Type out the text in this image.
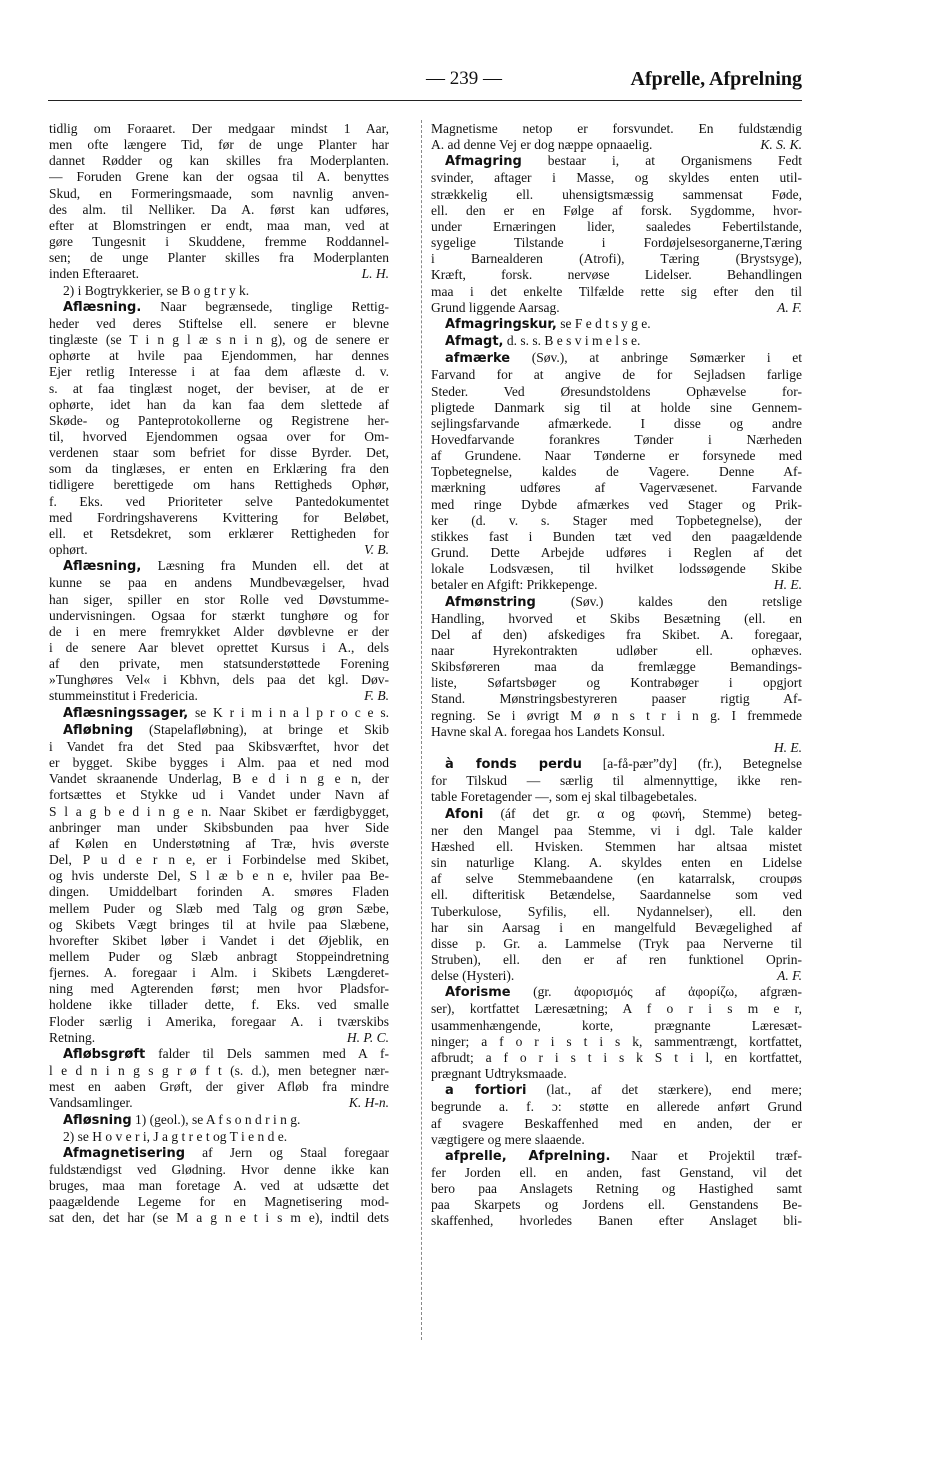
— 239 —	Afprelle, Afprelning
tidlig om Foraaret. Der medgaar mindst 1 Aar,
men ofte længere Tid, før de unge Planter har
dannet Rødder og kan skilles fra Moderplanten.
— Foruden Grene kan der ogsaa til A. benyttes
Skud, en Formeringsmaade, som navnlig anven-
des alm. til Nelliker. Da A. først kan udføres,
efter at Blomstringen er endt, maa man, ved at
gøre Tungesnit i Skuddene, fremme Roddannel-
sen; de unge Planter skilles fra Moderplanten
L. H.
inden Efteraaret.
2) i Bogtrykkerier, se B o g t r y k.
Aflæsning. Naar begrænsede, tinglige Rettig-
heder ved deres Stiftelse ell. senere er blevne
tinglæste (se T i n g l æ s n i n g), og de senere er
ophørte at hvile paa Ejendommen, har dennes
Ejer retlig Interesse i at faa dem aflæste d. v.
s. at faa tinglæst noget, der beviser, at de er
ophørte, idet han da kan faa dem slettede af
Skøde- og Panteprotokollerne og Registrene her-
til, hvorved Ejendommen ogsaa over for Om-
verdenen staar som befriet for disse Byrder. Det,
som da tinglæses, er enten en Erklæring fra den
tidligere berettigede om hans Rettigheds Ophør,
f. Eks. ved Prioriteter selve Pantedokumentet
med Fordringshaverens Kvittering for Beløbet,
ell. et Retsdekret, som erklærer Rettigheden for
V. B.
ophørt.
Aflæsning, Læsning fra Munden ell. det at
kunne se paa en andens Mundbevægelser, hvad
han siger, spiller en stor Rolle ved Døvstumme-
undervisningen. Ogsaa for stærkt tunghøre og for
de i en mere fremrykket Alder døvblevne er der
i de senere Aar blevet oprettet Kursus i A., dels
af den private, men statsunderstøttede Forening
»Tunghøres Vel« i Kbhvn, dels paa det kgl. Døv-
F. B.
stummeinstitut i Fredericia.
Aflæsningssager, se K r i m i n a l p r o c e s.
Afløbning (Stapelafløbning), at bringe et Skib
i Vandet fra det Sted paa Skibsværftet, hvor det
er bygget. Skibe bygges i Alm. paa et ned mod
Vandet skraanende Underlag, B e d i n g e n, der
fortsættes et Stykke ud i Vandet under Navn af
S l a g b e d i n g e n. Naar Skibet er færdigbygget,
anbringer man under Skibsbunden paa hver Side
af Kølen en Understøtning af Træ, hvis øverste
Del, P u d e r n e, er i Forbindelse med Skibet,
og hvis underste Del, S l æ b e n e, hviler paa Be-
dingen. Umiddelbart forinden A. smøres Fladen
mellem Puder og Slæb med Talg og grøn Sæbe,
og Skibets Vægt bringes til at hvile paa Slæbene,
hvorefter Skibet løber i Vandet i det Øjeblik, en
mellem Puder og Slæb anbragt Stoppeindretning
fjernes. A. foregaar i Alm. i Skibets Længderet-
ning med Agterenden først; men hvor Pladsfor-
holdene ikke tillader dette, f. Eks. ved smalle
Floder særlig i Amerika, foregaar A. i tværskibs
H. P. C.
Retning.
Afløbsgrøft falder til Dels sammen med A f-
l e d n i n g s g r ø f t (s. d.), men betegner nær-
mest en aaben Grøft, der giver Afløb fra mindre
K. H-n.
Vandsamlinger.
Afløsning 1) (geol.), se A f s o n d r i n g.
2) se H o v e r i, J a g t r e t og T i e n d e.
Afmagnetisering af Jern og Staal foregaar
fuldstændigst ved Glødning. Hvor denne ikke kan
bruges, maa man foretage A. ved at udsætte det
paagældende Legeme for en Magnetisering mod-
sat den, det har (se M a g n e t i s m e), indtil dets
Magnetisme netop er forsvundet. En fuldstændig
K. S. K.
A. ad denne Vej er dog næppe opnaaelig.
Afmagring bestaar i, at Organismens Fedt
svinder, aftager i Masse, og skyldes enten util-
strækkelig ell. uhensigtsmæssig sammensat Føde,
ell. den er en Følge af forsk. Sygdomme, hvor-
under Ernæringen lider, saaledes Febertilstande,
sygelige Tilstande i Fordøjelsesorganerne,Tæring
i Barnealderen (Atrofi), Tæring (Brystsyge),
Kræft, forsk. nervøse Lidelser. Behandlingen
maa i det enkelte Tilfælde rette sig efter den til
A. F.
Grund liggende Aarsag.
Afmagringskur, se F e d t s y g e.
Afmagt, d. s. s. B e s v i m e l s e.
afmærke (Søv.), at anbringe Sømærker i et
Farvand for at angive de for Sejladsen farlige
Steder. Ved Øresundstoldens Ophævelse for-
pligtede Danmark sig til at holde sine Gennem-
sejlingsfarvande afmærkede. I disse og andre
Hovedfarvande forankres Tønder i Nærheden
af Grundene. Naar Tønderne er forsynede med
Topbetegnelse, kaldes de Vagere. Denne Af-
mærkning udføres af Vagervæsenet. Farvande
med ringe Dybde afmærkes ved Stager og Prik-
ker (d. v. s. Stager med Topbetegnelse), der
stikkes fast i Bunden tæt ved den paagældende
Grund. Dette Arbejde udføres i Reglen af det
lokale Lodsvæsen, til hvilket lodssøgende Skibe
H. E.
betaler en Afgift: Prikkepenge.
Afmønstring (Søv.) kaldes den retslige
Handling, hvorved et Skibs Besætning (ell. en
Del af den) afskediges fra Skibet. A. foregaar,
naar Hyrekontrakten udløber ell. ophæves.
Skibsføreren maa da fremlægge Bemandings-
liste, Søfartsbøger og Kontrabøger i opgjort
Stand. Mønstringsbestyreren paaser rigtig Af-
regning. Se i øvrigt M ø n s t r i n g. I fremmede
Havne skal A. foregaa hos Landets Konsul.
H. E.
à fonds perdu [a-få-pær”dy] (fr.), Betegnelse
for Tilskud — særlig til almennyttige, ikke ren-
table Foretagender —, som ej skal tilbagebetales.
Afoni (áf det gr. α og φωνή, Stemme) beteg-
ner den Mangel paa Stemme, vi i dgl. Tale kalder
Hæshed ell. Hvisken. Stemmen har altsaa mistet
sin naturlige Klang. A. skyldes enten en Lidelse
af selve Stemmebaandene (en katarralsk, croupøs
ell. difteritisk Betændelse, Saardannelse som ved
Tuberkulose, Syfilis, ell. Nydannelser), ell. den
har sin Aarsag i en mangelfuld Bevægelighed af
disse p. Gr. a. Lammelse (Tryk paa Nerverne til
Struben), ell. den er af ren funktionel Oprin-
A. F.
delse (Hysteri).
Aforisme (gr. ἀφορισμός af ἀφορίζω, afgræn-
ser), kortfattet Læresætning; A f o r i s m e r,
usammenhængende, korte, prægnante Læresæt-
ninger; a f o r i s t i s k, sammentrængt, kortfattet,
afbrudt; a f o r i s t i s k S t i l, en kortfattet,
prægnant Udtryksmaade.
a fortiori (lat., af det stærkere), end mere;
begrunde a. f. ɔ: støtte en allerede anført Grund
af svagere Beskaffenhed med en anden, der er
vægtigere og mere slaaende.
afprelle, Afprelning. Naar et Projektil træf-
fer Jorden ell. en anden, fast Genstand, vil det
bero paa Anslagets Retning og Hastighed samt
paa Skarpets og Jordens ell. Genstandens Be-
skaffenhed, hvorledes Banen efter Anslaget bli-
